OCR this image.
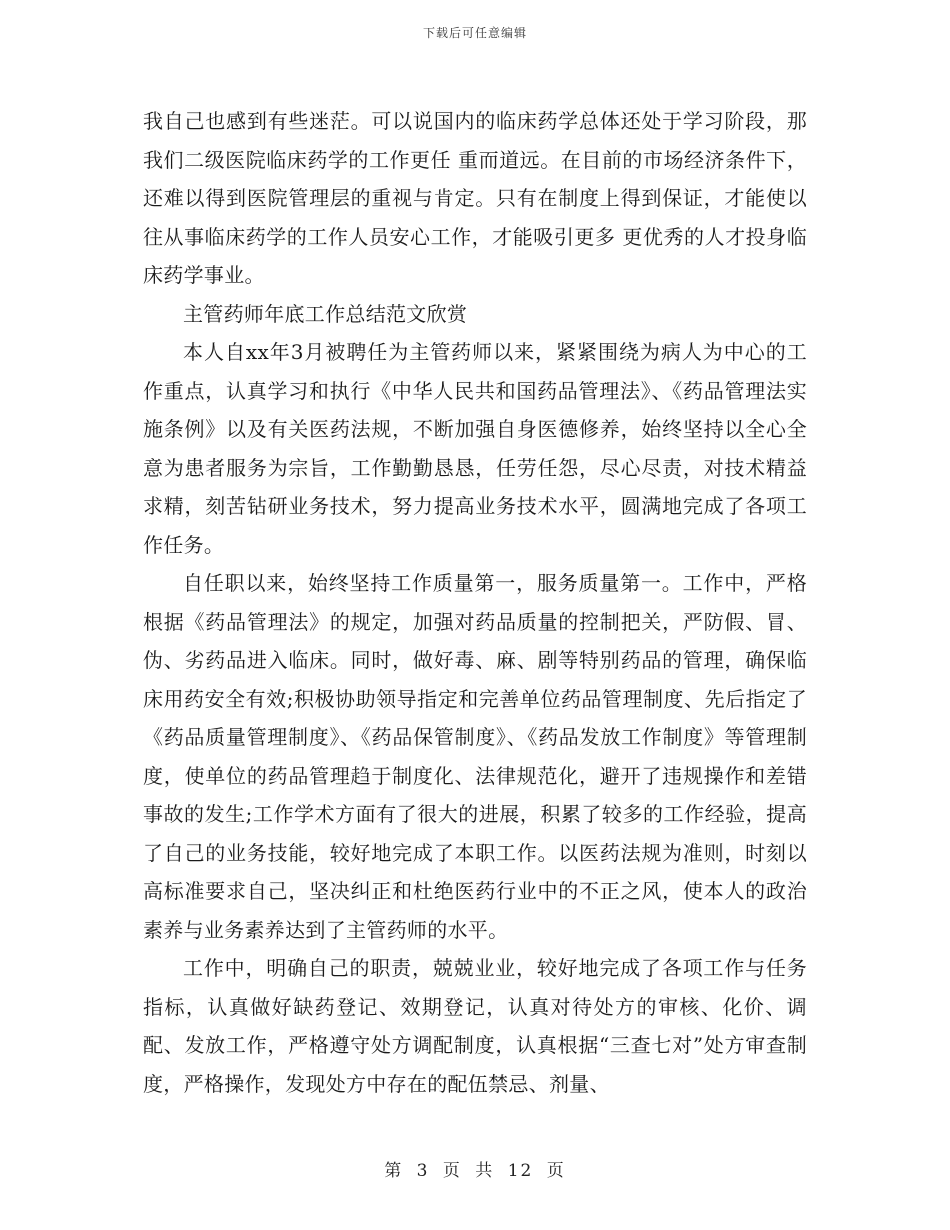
下载后可任意编辑

我自己也感到有些迷茫。可以说国内的临床药学总体还处于学习阶段，那我们二级医院临床药学的工作更任 重而道远。在目前的市场经济条件下，还难以得到医院管理层的重视与肯定。只有在制度上得到保证，才能使以往从事临床药学的工作人员安心工作，才能吸引更多 更优秀的人才投身临床药学事业。

主管药师年底工作总结范文欣赏

本人自xx年3月被聘任为主管药师以来，紧紧围绕为病人为中心的工作重点，认真学习和执行《中华人民共和国药品管理法》、《药品管理法实施条例》以及有关医药法规，不断加强自身医德修养，始终坚持以全心全意为患者服务为宗旨，工作勤勤恳恳，任劳任怨，尽心尽责，对技术精益求精，刻苦钻研业务技术，努力提高业务技术水平，圆满地完成了各项工作任务。

自任职以来，始终坚持工作质量第一，服务质量第一。工作中，严格根据《药品管理法》的规定，加强对药品质量的控制把关，严防假、冒、伪、劣药品进入临床。同时，做好毒、麻、剧等特别药品的管理，确保临床用药安全有效;积极协助领导指定和完善单位药品管理制度、先后指定了《药品质量管理制度》、《药品保管制度》、《药品发放工作制度》等管理制度，使单位的药品管理趋于制度化、法律规范化，避开了违规操作和差错事故的发生;工作学术方面有了很大的进展，积累了较多的工作经验，提高了自己的业务技能，较好地完成了本职工作。以医药法规为准则，时刻以高标准要求自己，坚决纠正和杜绝医药行业中的不正之风，使本人的政治素养与业务素养达到了主管药师的水平。

工作中，明确自己的职责，兢兢业业，较好地完成了各项工作与任务指标，认真做好缺药登记、效期登记，认真对待处方的审核、化价、调配、发放工作，严格遵守处方调配制度，认真根据“三查七对”处方审查制度，严格操作，发现处方中存在的配伍禁忌、剂量、

第 3 页 共 12 页
